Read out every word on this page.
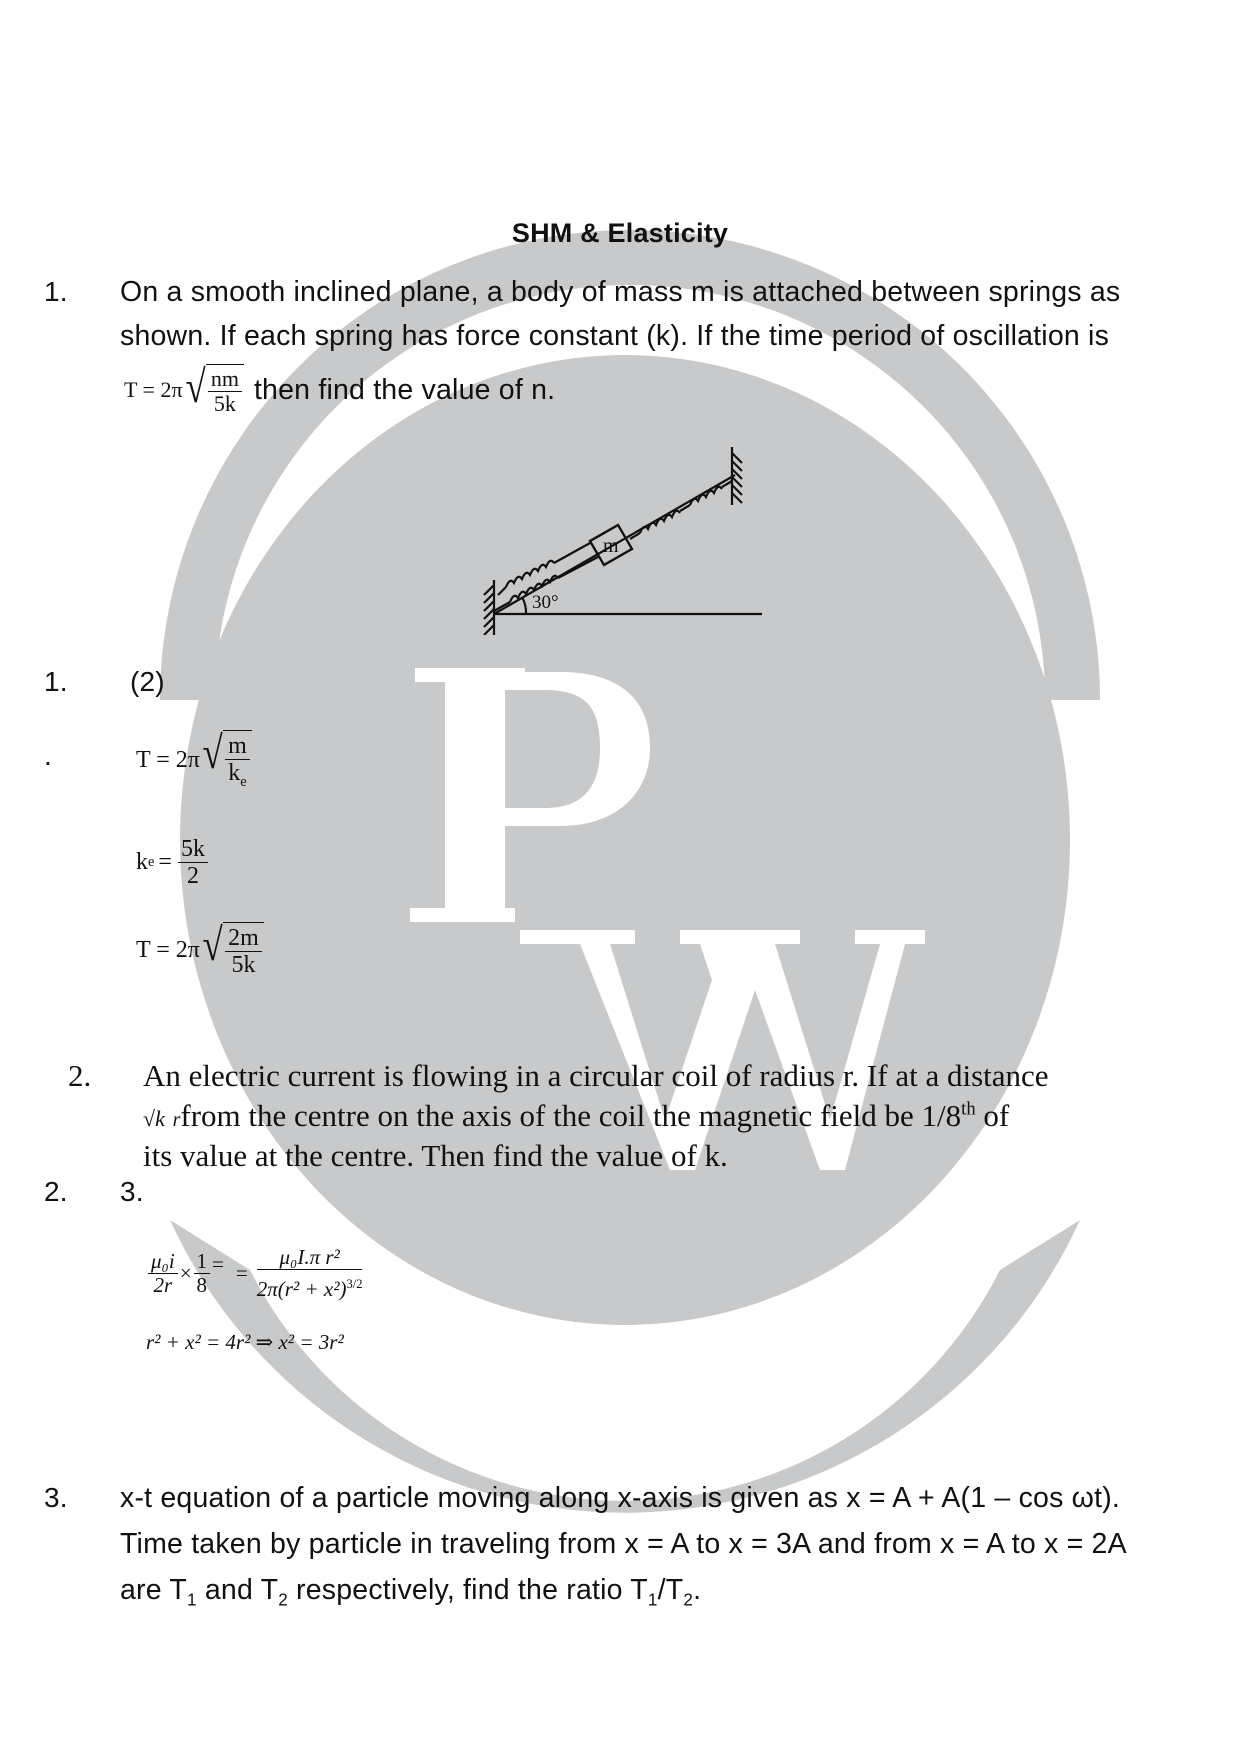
SHM & Elasticity
1. On a smooth inclined plane, a body of mass m is attached between springs as
shown. If each spring has force constant (k). If the time period of oscillation is
T = 2π √ $\frac{nm}{5k}$ then find the value of n.
m
30°
1. (2)
.	T = 2π √ $\frac{m}{k_e}$
k $e = \frac{5k}{2}$
T = 2π √ $\frac{2m}{5k}$
2. An electric current is flowing in a circular coil of radius r. If at a distance
√k rfrom the centre on the axis of the coil the magnetic field be 1/8th of
its value at the centre. Then find the value of k.
2. 3.
$\frac{\text{μ₀i}}{2r} \times \frac{1}{8}$ = = $\frac{\text{μ₀I.π r²}}{2\pi(r^2 + x^2)^{3/2}}$
r² + x² = 4r² ⇒ x² = 3r²
3. x-t equation of a particle moving along x-axis is given as x = A + A(1 – cos ωt).
Time taken by particle in traveling from x = A to x = 3A and from x = A to x = 2A
are $T_1$ and $T_2$ respectively, find the ratio $T_1/T_2$.
